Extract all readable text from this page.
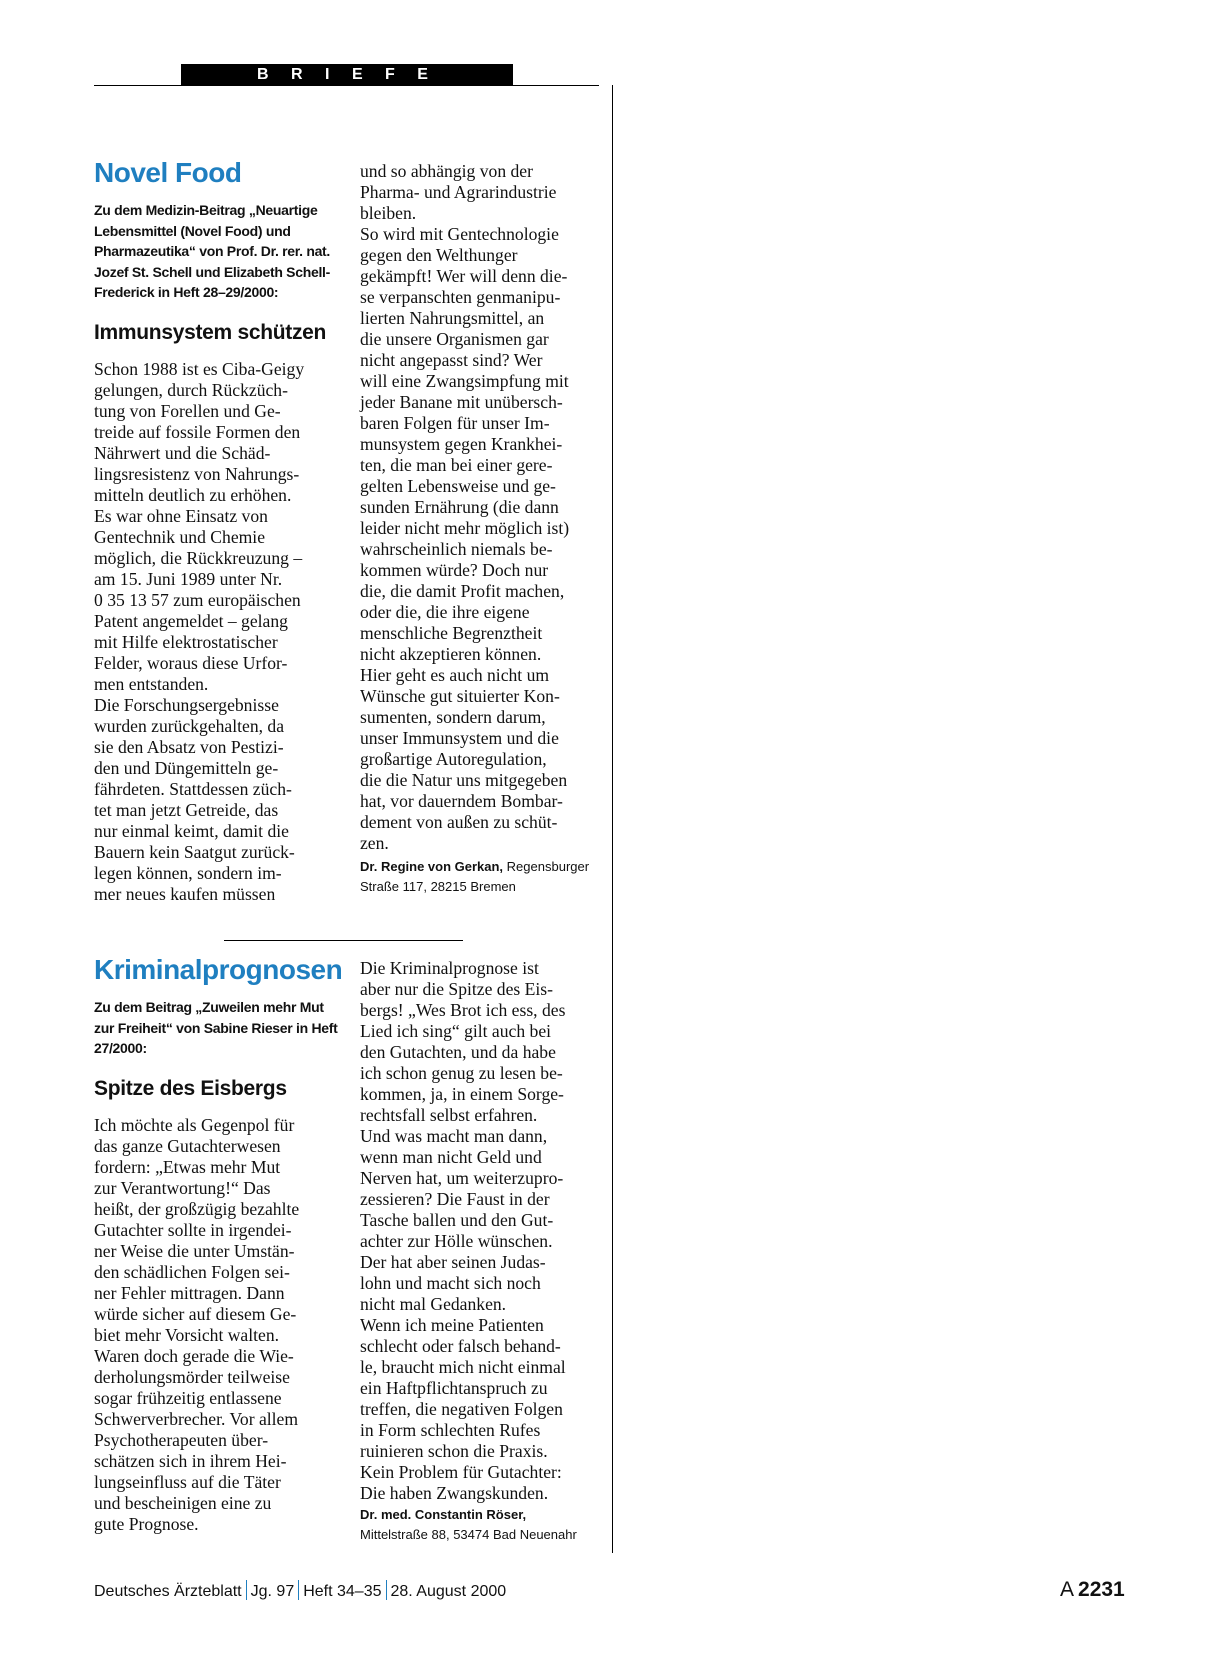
B R I E F E
Novel Food
Zu dem Medizin-Beitrag „Neuartige Lebensmittel (Novel Food) und Pharmazeutika“ von Prof. Dr. rer. nat. Jozef St. Schell und Elizabeth Schell-Frederick in Heft 28–29/2000:
Immunsystem schützen
Schon 1988 ist es Ciba-Geigy
gelungen, durch Rückzüch-
tung von Forellen und Ge-
treide auf fossile Formen den
Nährwert und die Schäd-
lingsresistenz von Nahrungs-
mitteln deutlich zu erhöhen.
Es war ohne Einsatz von
Gentechnik und Chemie
möglich, die Rückkreuzung –
am 15. Juni 1989 unter Nr.
0 35 13 57 zum europäischen
Patent angemeldet – gelang
mit Hilfe elektrostatischer
Felder, woraus diese Urfor-
men entstanden.
Die Forschungsergebnisse
wurden zurückgehalten, da
sie den Absatz von Pestizi-
den und Düngemitteln ge-
fährdeten. Stattdessen züch-
tet man jetzt Getreide, das
nur einmal keimt, damit die
Bauern kein Saatgut zurück-
legen können, sondern im-
mer neues kaufen müssen
und so abhängig von der
Pharma- und Agrarindustrie
bleiben.
So wird mit Gentechnologie
gegen den Welthunger
gekämpft! Wer will denn die-
se verpanschten genmanipu-
lierten Nahrungsmittel, an
die unsere Organismen gar
nicht angepasst sind? Wer
will eine Zwangsimpfung mit
jeder Banane mit unübersch-
baren Folgen für unser Im-
munsystem gegen Krankhei-
ten, die man bei einer gere-
gelten Lebensweise und ge-
sunden Ernährung (die dann
leider nicht mehr möglich ist)
wahrscheinlich niemals be-
kommen würde? Doch nur
die, die damit Profit machen,
oder die, die ihre eigene
menschliche Begrenztheit
nicht akzeptieren können.
Hier geht es auch nicht um
Wünsche gut situierter Kon-
sumenten, sondern darum,
unser Immunsystem und die
großartige Autoregulation,
die die Natur uns mitgegeben
hat, vor dauerndem Bombar-
dement von außen zu schüt-
zen.
Dr. Regine von Gerkan, Regensburger Straße 117, 28215 Bremen
Kriminalprognosen
Zu dem Beitrag „Zuweilen mehr Mut zur Freiheit“ von Sabine Rieser in Heft 27/2000:
Spitze des Eisbergs
Ich möchte als Gegenpol für
das ganze Gutachterwesen
fordern: „Etwas mehr Mut
zur Verantwortung!“ Das
heißt, der großzügig bezahlte
Gutachter sollte in irgendei-
ner Weise die unter Umstän-
den schädlichen Folgen sei-
ner Fehler mittragen. Dann
würde sicher auf diesem Ge-
biet mehr Vorsicht walten.
Waren doch gerade die Wie-
derholungsmörder teilweise
sogar frühzeitig entlassene
Schwerverbrecher. Vor allem
Psychotherapeuten über-
schätzen sich in ihrem Hei-
lungseinfluss auf die Täter
und bescheinigen eine zu
gute Prognose.
Die Kriminalprognose ist
aber nur die Spitze des Eis-
bergs! „Wes Brot ich ess, des
Lied ich sing“ gilt auch bei
den Gutachten, und da habe
ich schon genug zu lesen be-
kommen, ja, in einem Sorge-
rechtsfall selbst erfahren.
Und was macht man dann,
wenn man nicht Geld und
Nerven hat, um weiterzupro-
zessieren? Die Faust in der
Tasche ballen und den Gut-
achter zur Hölle wünschen.
Der hat aber seinen Judas-
lohn und macht sich noch
nicht mal Gedanken.
Wenn ich meine Patienten
schlecht oder falsch behand-
le, braucht mich nicht einmal
ein Haftpflichtanspruch zu
treffen, die negativen Folgen
in Form schlechten Rufes
ruinieren schon die Praxis.
Kein Problem für Gutachter:
Die haben Zwangskunden.
Dr. med. Constantin Röser,
Mittelstraße 88, 53474 Bad Neuenahr
Deutsches Ärzteblatt Jg. 97 Heft 34–35 28. August 2000	A 2231
